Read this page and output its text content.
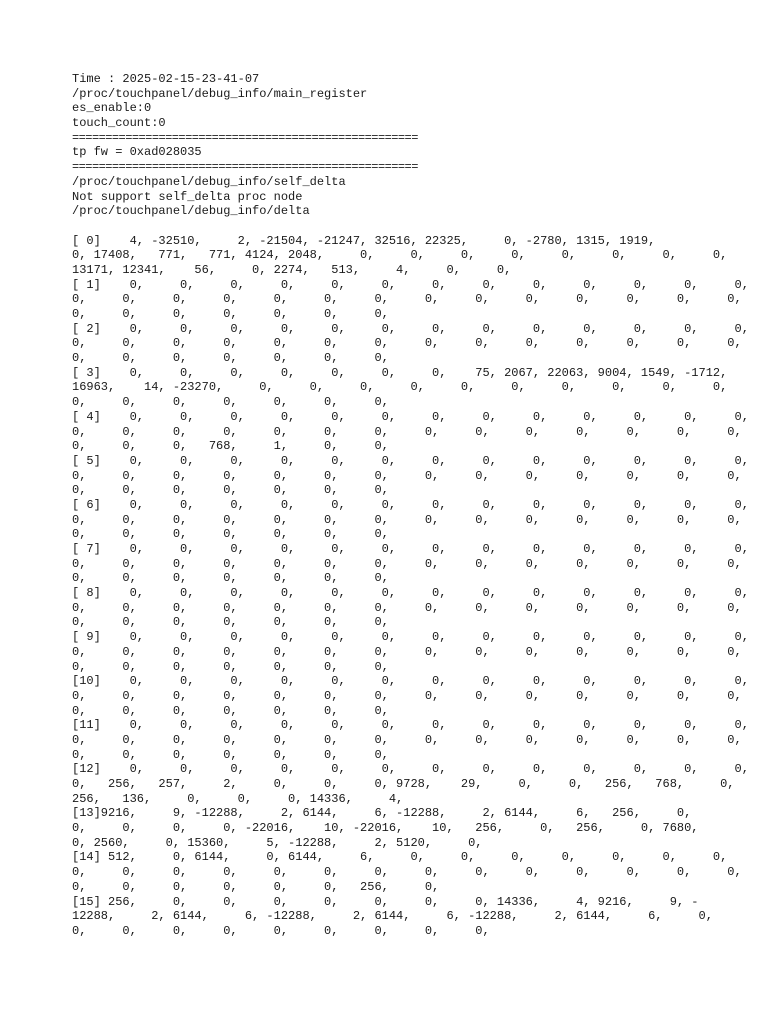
Time : 2025-02-15-23-41-07
/proc/touchpanel/debug_info/main_register
es_enable:0
touch_count:0
====================================================
tp fw = 0xad028035
====================================================
/proc/touchpanel/debug_info/self_delta
Not support self_delta proc node
/proc/touchpanel/debug_info/delta
[ 0]    4, -32510,     2, -21504, -21247, 32516, 22325,     0, -2780, 1315, 1919,
0, 17408,   771,   771, 4124, 2048,     0,     0,     0,     0,     0,     0,     0,     0,
13171, 12341,    56,     0, 2274,   513,     4,     0,     0,
[ 1]    0,     0,     0,     0,     0,     0,     0,     0,     0,     0,     0,     0,     0,
0,     0,     0,     0,     0,     0,     0,     0,     0,     0,     0,     0,     0,     0,
0,     0,     0,     0,     0,     0,     0,
[ 2]    0,     0,     0,     0,     0,     0,     0,     0,     0,     0,     0,     0,     0,
0,     0,     0,     0,     0,     0,     0,     0,     0,     0,     0,     0,     0,     0,
0,     0,     0,     0,     0,     0,     0,
[ 3]    0,     0,     0,     0,     0,     0,     0,    75, 2067, 22063, 9004, 1549, -1712,
16963,    14, -23270,     0,     0,     0,     0,     0,     0,     0,     0,     0,     0,
0,     0,     0,     0,     0,     0,     0,
[ 4]    0,     0,     0,     0,     0,     0,     0,     0,     0,     0,     0,     0,     0,
0,     0,     0,     0,     0,     0,     0,     0,     0,     0,     0,     0,     0,     0,
0,     0,     0,   768,     1,     0,     0,
[ 5]    0,     0,     0,     0,     0,     0,     0,     0,     0,     0,     0,     0,     0,
0,     0,     0,     0,     0,     0,     0,     0,     0,     0,     0,     0,     0,     0,
0,     0,     0,     0,     0,     0,     0,
[ 6]    0,     0,     0,     0,     0,     0,     0,     0,     0,     0,     0,     0,     0,
0,     0,     0,     0,     0,     0,     0,     0,     0,     0,     0,     0,     0,     0,
0,     0,     0,     0,     0,     0,     0,
[ 7]    0,     0,     0,     0,     0,     0,     0,     0,     0,     0,     0,     0,     0,
0,     0,     0,     0,     0,     0,     0,     0,     0,     0,     0,     0,     0,     0,
0,     0,     0,     0,     0,     0,     0,
[ 8]    0,     0,     0,     0,     0,     0,     0,     0,     0,     0,     0,     0,     0,
0,     0,     0,     0,     0,     0,     0,     0,     0,     0,     0,     0,     0,     0,
0,     0,     0,     0,     0,     0,     0,
[ 9]    0,     0,     0,     0,     0,     0,     0,     0,     0,     0,     0,     0,     0,
0,     0,     0,     0,     0,     0,     0,     0,     0,     0,     0,     0,     0,     0,
0,     0,     0,     0,     0,     0,     0,
[10]    0,     0,     0,     0,     0,     0,     0,     0,     0,     0,     0,     0,     0,
0,     0,     0,     0,     0,     0,     0,     0,     0,     0,     0,     0,     0,     0,
0,     0,     0,     0,     0,     0,     0,
[11]    0,     0,     0,     0,     0,     0,     0,     0,     0,     0,     0,     0,     0,
0,     0,     0,     0,     0,     0,     0,     0,     0,     0,     0,     0,     0,     0,
0,     0,     0,     0,     0,     0,     0,
[12]    0,     0,     0,     0,     0,     0,     0,     0,     0,     0,     0,     0,     0,
0,   256,   257,     2,     0,     0,     0, 9728,    29,     0,     0,   256,   768,     0,
256,   136,     0,     0,     0, 14336,     4,
[13]9216,     9, -12288,     2, 6144,     6, -12288,     2, 6144,     6,   256,     0,
0,     0,     0,     0, -22016,    10, -22016,    10,   256,     0,   256,     0, 7680,
0, 2560,     0, 15360,     5, -12288,     2, 5120,     0,
[14] 512,     0, 6144,     0, 6144,     6,     0,     0,     0,     0,     0,     0,     0,
0,     0,     0,     0,     0,     0,     0,     0,     0,     0,     0,     0,     0,     0,
0,     0,     0,     0,     0,     0,   256,     0,
[15] 256,     0,     0,     0,     0,     0,     0,     0, 14336,     4, 9216,     9, -
12288,     2, 6144,     6, -12288,     2, 6144,     6, -12288,     2, 6144,     6,     0,
0,     0,     0,     0,     0,     0,     0,     0,     0,
